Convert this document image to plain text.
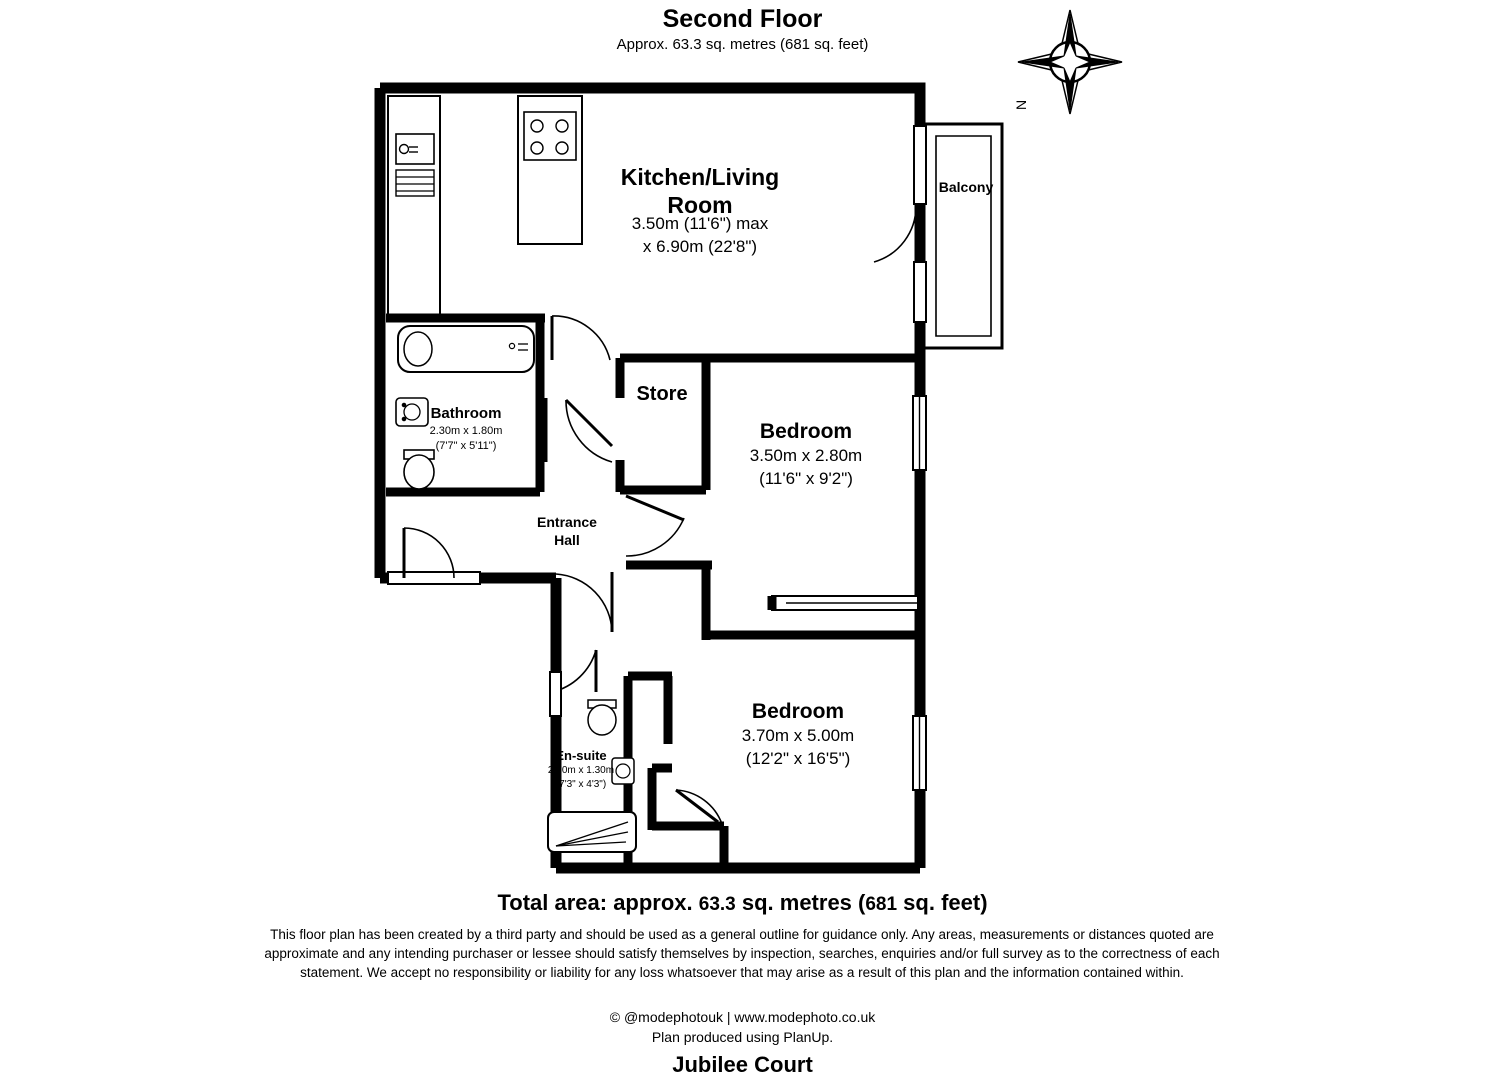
N
Second Floor
Approx. 63.3 sq. metres (681 sq. feet)
Kitchen/Living
Room
3.50m (11'6") max
x 6.90m (22'8")
Balcony
Store
Bathroom
2.30m x 1.80m
(7'7" x 5'11")
Bedroom
3.50m x 2.80m
(11'6" x 9'2")
Entrance
Hall
Bedroom
3.70m x 5.00m
(12'2" x 16'5")
En-suite
2.20m x 1.30m
(7'3" x 4'3")
Total area: approx. 63.3 sq. metres (681 sq. feet)
This floor plan has been created by a third party and should be used as a general outline for guidance only. Any areas, measurements or distances quoted are approximate and any intending purchaser or lessee should satisfy themselves by inspection, searches, enquiries and/or full survey as to the correctness of each statement. We accept no responsibility or liability for any loss whatsoever that may arise as a result of this plan and the information contained within.
© @modephotouk | www.modephoto.co.uk
Plan produced using PlanUp.
Jubilee Court
